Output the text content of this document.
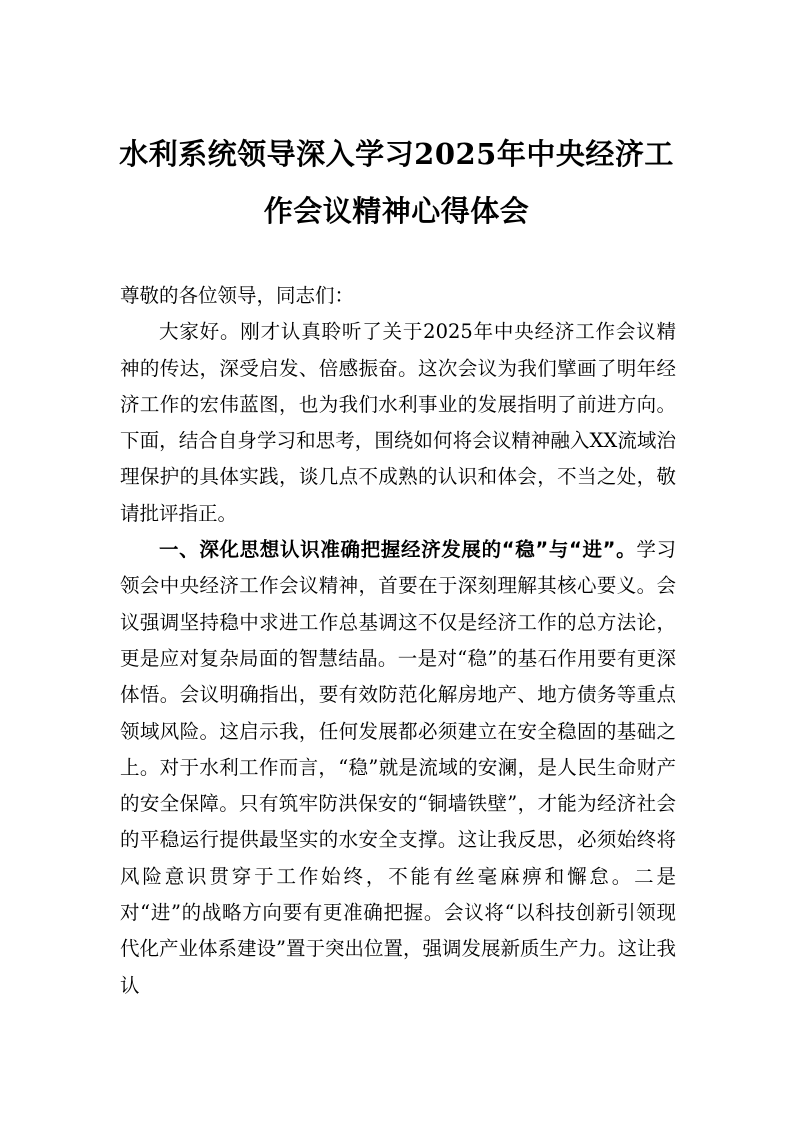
水利系统领导深入学习2025年中央经济工
作会议精神心得体会

尊敬的各位领导，同志们：

大家好。刚才认真聆听了关于2025年中央经济工作会议精神的传达，深受启发、倍感振奋。这次会议为我们擘画了明年经济工作的宏伟蓝图，也为我们水利事业的发展指明了前进方向。下面，结合自身学习和思考，围绕如何将会议精神融入XX流域治理保护的具体实践，谈几点不成熟的认识和体会，不当之处，敬请批评指正。

一、深化思想认识准确把握经济发展的“稳”与“进”。学习领会中央经济工作会议精神，首要在于深刻理解其核心要义。会议强调坚持稳中求进工作总基调这不仅是经济工作的总方法论，更是应对复杂局面的智慧结晶。一是对“稳”的基石作用要有更深体悟。会议明确指出，要有效防范化解房地产、地方债务等重点领域风险。这启示我，任何发展都必须建立在安全稳固的基础之上。对于水利工作而言，“稳”就是流域的安澜，是人民生命财产的安全保障。只有筑牢防洪保安的“铜墙铁壁”，才能为经济社会的平稳运行提供最坚实的水安全支撑。这让我反思，必须始终将风险意识贯穿于工作始终，不能有丝毫麻痹和懈怠。二是对“进”的战略方向要有更准确把握。会议将“以科技创新引领现代化产业体系建设”置于突出位置，强调发展新质生产力。这让我认
